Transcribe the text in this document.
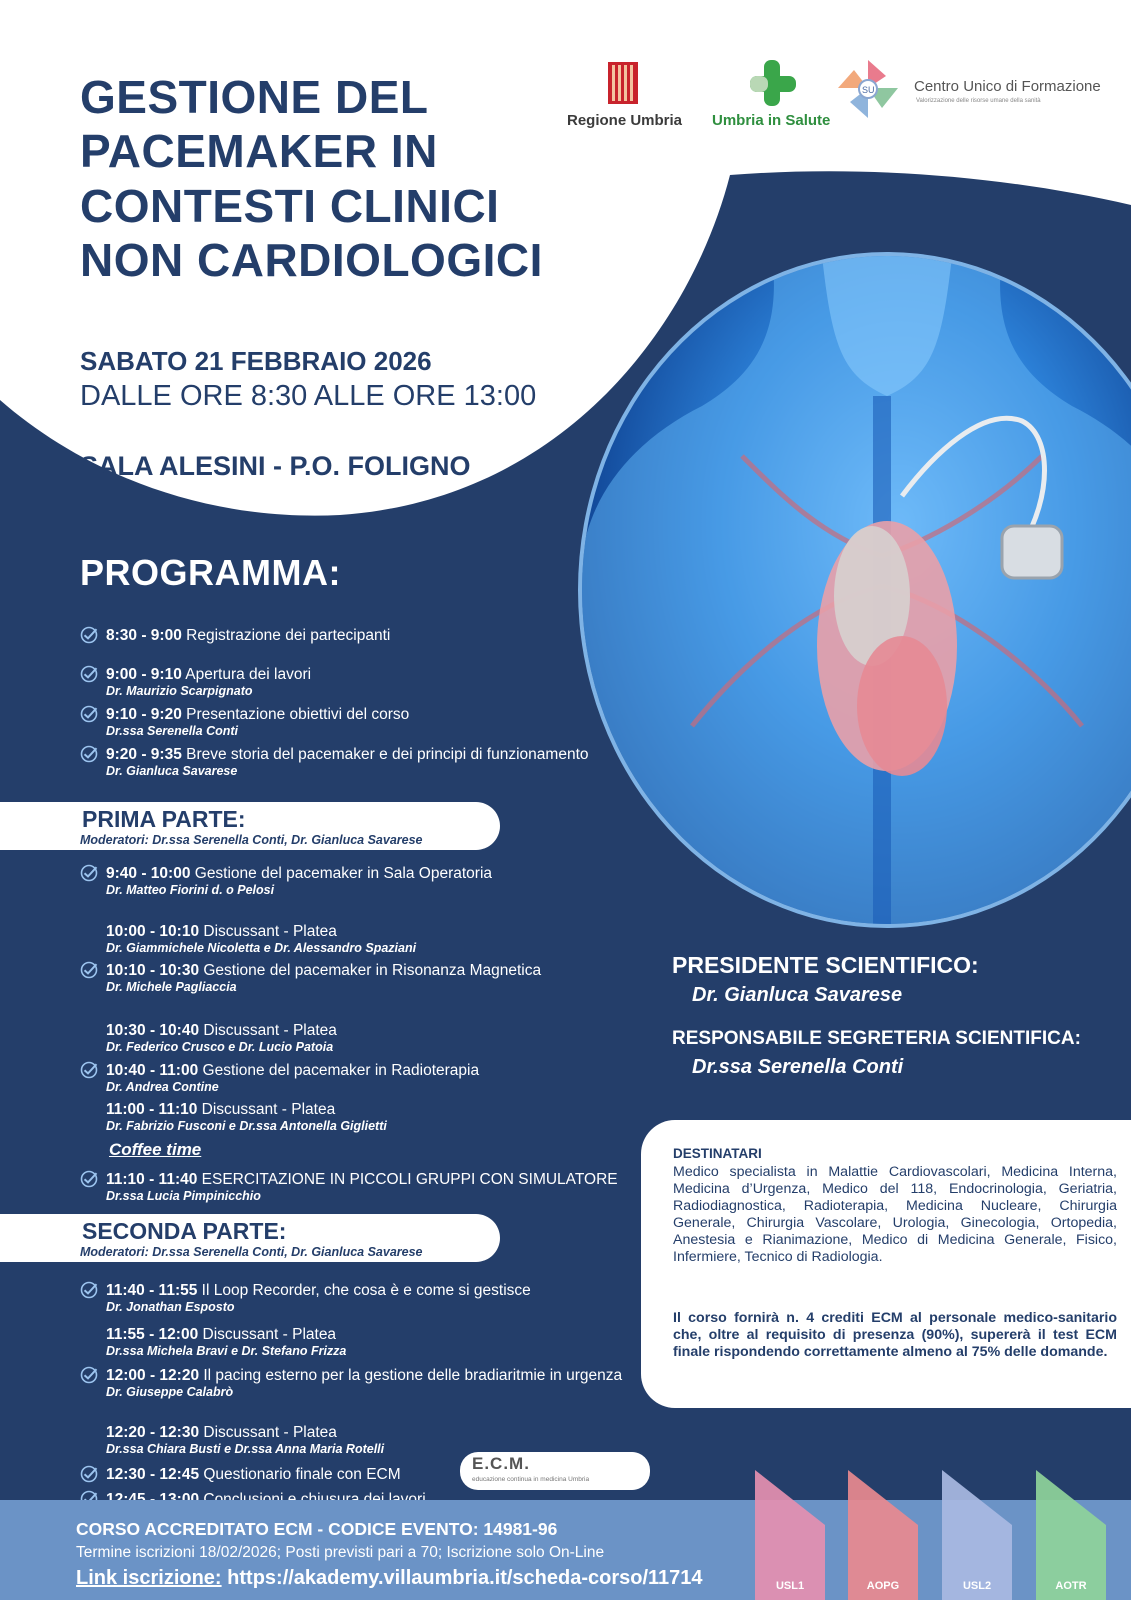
GESTIONE DEL
PACEMAKER IN
CONTESTI CLINICI
NON CARDIOLOGICI
SABATO 21 FEBBRAIO 2026
DALLE ORE 8:30 ALLE ORE 13:00
SALA ALESINI - P.O. FOLIGNO
Regione Umbria Umbria in Salute
SU	Centro Unico di Formazione
Valorizzazione delle risorse umane della sanità
PROGRAMMA:
8:30 - 9:00 Registrazione dei partecipanti
9:00 - 9:10 Apertura dei lavori
Dr. Maurizio Scarpignato
9:10 - 9:20 Presentazione obiettivi del corso
Dr.ssa Serenella Conti
9:20 - 9:35 Breve storia del pacemaker e dei principi di funzionamento
Dr. Gianluca Savarese
9:40 - 10:00 Gestione del pacemaker in Sala Operatoria
Dr. Matteo Fiorini d. o Pelosi
10:00 - 10:10 Discussant - Platea
Dr. Giammichele Nicoletta e Dr. Alessandro Spaziani
10:10 - 10:30 Gestione del pacemaker in Risonanza Magnetica
Dr. Michele Pagliaccia
10:30 - 10:40 Discussant - Platea
Dr. Federico Crusco e Dr. Lucio Patoia
10:40 - 11:00 Gestione del pacemaker in Radioterapia
Dr. Andrea Contine
11:00 - 11:10 Discussant - Platea
Dr. Fabrizio Fusconi e Dr.ssa Antonella Giglietti
11:10 - 11:40 ESERCITAZIONE IN PICCOLI GRUPPI CON SIMULATORE
Dr.ssa Lucia Pimpinicchio
11:40 - 11:55 Il Loop Recorder, che cosa è e come si gestisce
Dr. Jonathan Esposto
11:55 - 12:00 Discussant - Platea
Dr.ssa Michela Bravi e Dr. Stefano Frizza
12:00 - 12:20 Il pacing esterno per la gestione delle bradiaritmie in urgenza
Dr. Giuseppe Calabrò
12:20 - 12:30 Discussant - Platea
Dr.ssa Chiara Busti e Dr.ssa Anna Maria Rotelli
12:30 - 12:45 Questionario finale con ECM
PRIMA PARTE:
Moderatori: Dr.ssa Serenella Conti, Dr. Gianluca Savarese
SECONDA PARTE:
Moderatori: Dr.ssa Serenella Conti, Dr. Gianluca Savarese
Coffee time
PRESIDENTE SCIENTIFICO:
Dr. Gianluca Savarese
RESPONSABILE SEGRETERIA SCIENTIFICA:
Dr.ssa Serenella Conti
DESTINATARI
Medico specialista in Malattie Cardiovascolari, Medicina Interna, Medicina d’Urgenza, Medico del 118, Endocrinologia, Geriatria, Radiodiagnostica, Radioterapia, Medicina Nucleare, Chirurgia Generale, Chirurgia Vascolare, Urologia, Ginecologia, Ortopedia, Anestesia e Rianimazione, Medico di Medicina Generale, Fisico, Infermiere, Tecnico di Radiologia.
Il corso fornirà n. 4 crediti ECM al personale medico-sanitario che, oltre al requisito di presenza (90%), supererà il test ECM finale rispondendo correttamente almeno al 75% delle domande.
E.C.M.
educazione continua in medicina Umbria
CORSO ACCREDITATO ECM - CODICE EVENTO: 14981-96
Termine iscrizioni 18/02/2026; Posti previsti pari a 70; Iscrizione solo On-Line
Link iscrizione: https://akademy.villaumbria.it/scheda-corso/11714	USL1	AOPG	USL2	AOTR
